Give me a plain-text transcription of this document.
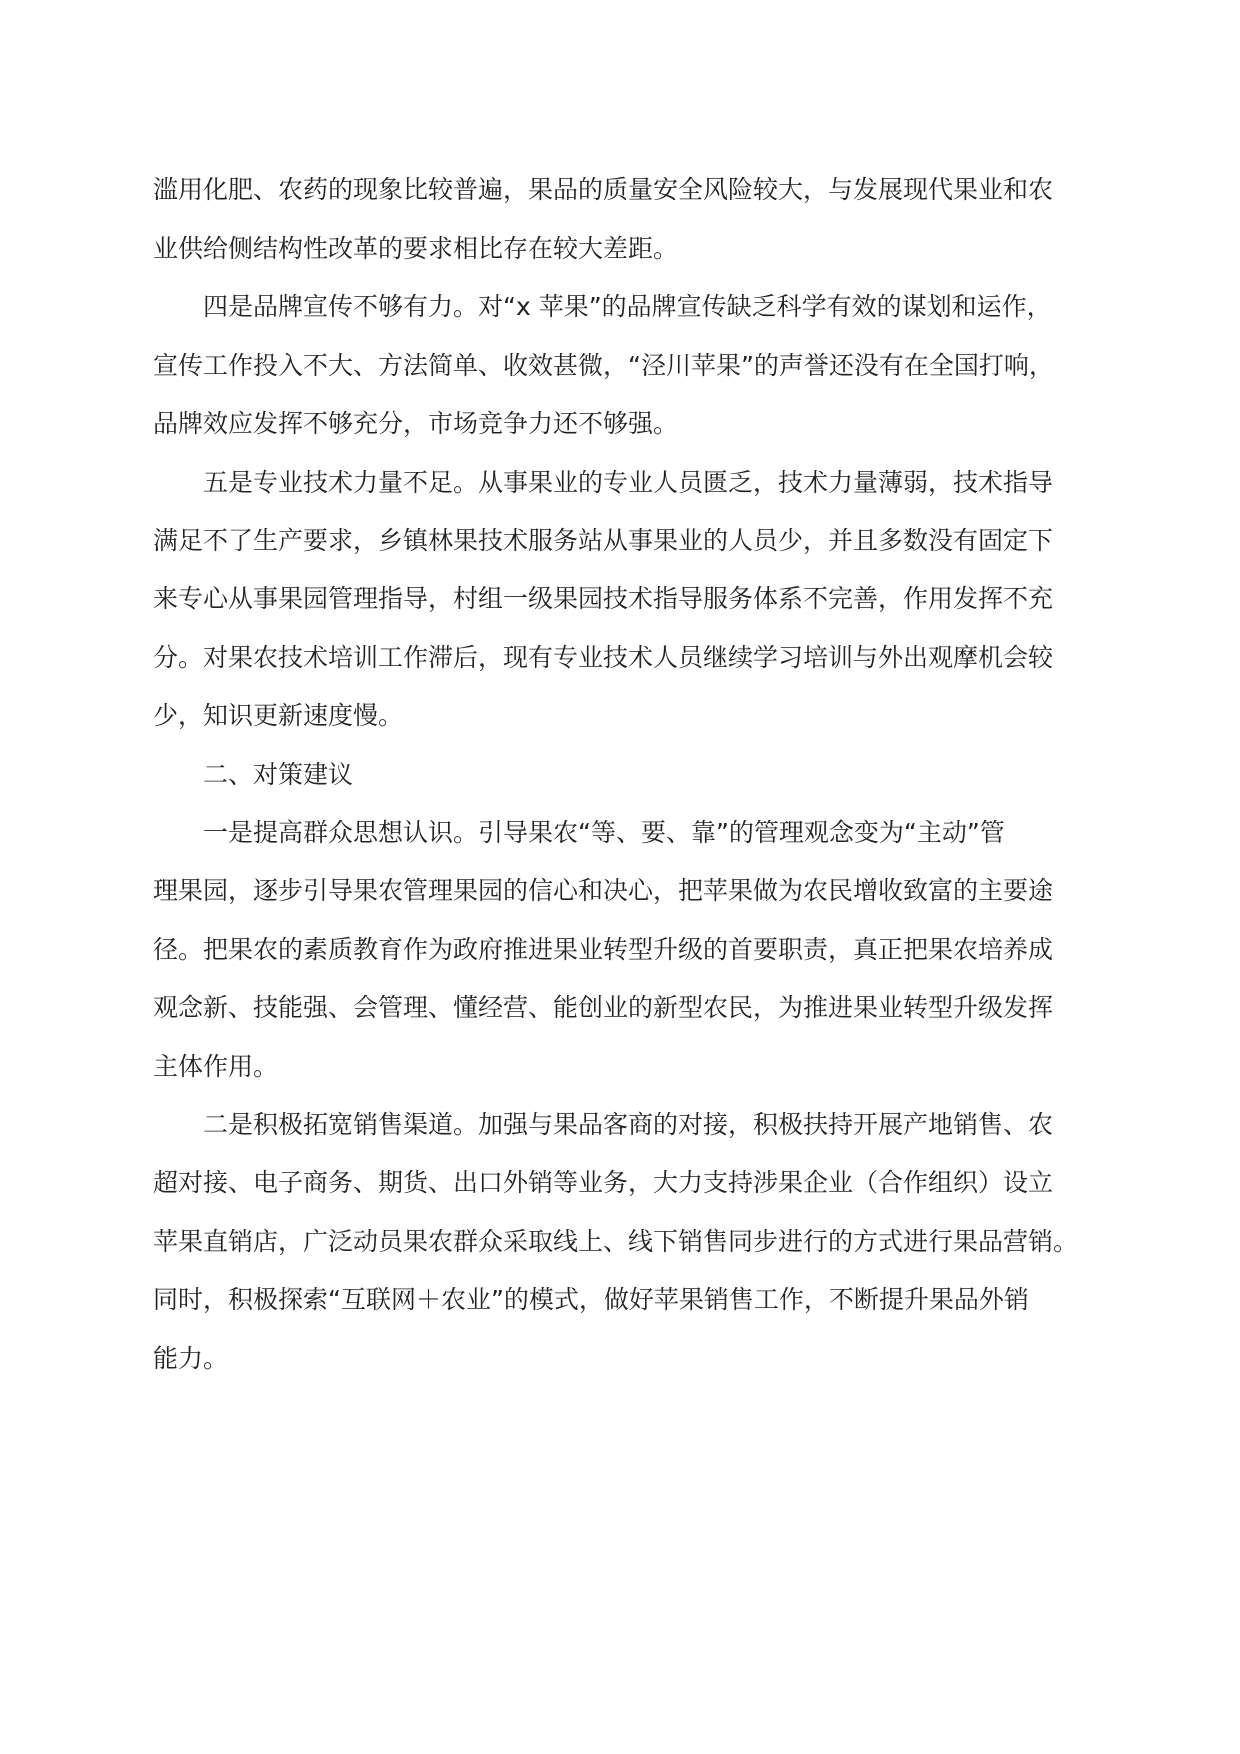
滥用化肥、农药的现象比较普遍，果品的质量安全风险较大，与发展现代果业和农
业供给侧结构性改革的要求相比存在较大差距。
四是品牌宣传不够有力。对“x 苹果”的品牌宣传缺乏科学有效的谋划和运作，
宣传工作投入不大、方法简单、收效甚微，“泾川苹果”的声誉还没有在全国打响，
品牌效应发挥不够充分，市场竞争力还不够强。
五是专业技术力量不足。从事果业的专业人员匮乏，技术力量薄弱，技术指导
满足不了生产要求，乡镇林果技术服务站从事果业的人员少，并且多数没有固定下
来专心从事果园管理指导，村组一级果园技术指导服务体系不完善，作用发挥不充
分。对果农技术培训工作滞后，现有专业技术人员继续学习培训与外出观摩机会较
少，知识更新速度慢。
二、对策建议
一是提高群众思想认识。引导果农“等、要、靠”的管理观念变为“主动”管
理果园，逐步引导果农管理果园的信心和决心，把苹果做为农民增收致富的主要途
径。把果农的素质教育作为政府推进果业转型升级的首要职责，真正把果农培养成
观念新、技能强、会管理、懂经营、能创业的新型农民，为推进果业转型升级发挥
主体作用。
二是积极拓宽销售渠道。加强与果品客商的对接，积极扶持开展产地销售、农
超对接、电子商务、期货、出口外销等业务，大力支持涉果企业（合作组织）设立
苹果直销店，广泛动员果农群众采取线上、线下销售同步进行的方式进行果品营销。
同时，积极探索“互联网＋农业”的模式，做好苹果销售工作，不断提升果品外销
能力。
